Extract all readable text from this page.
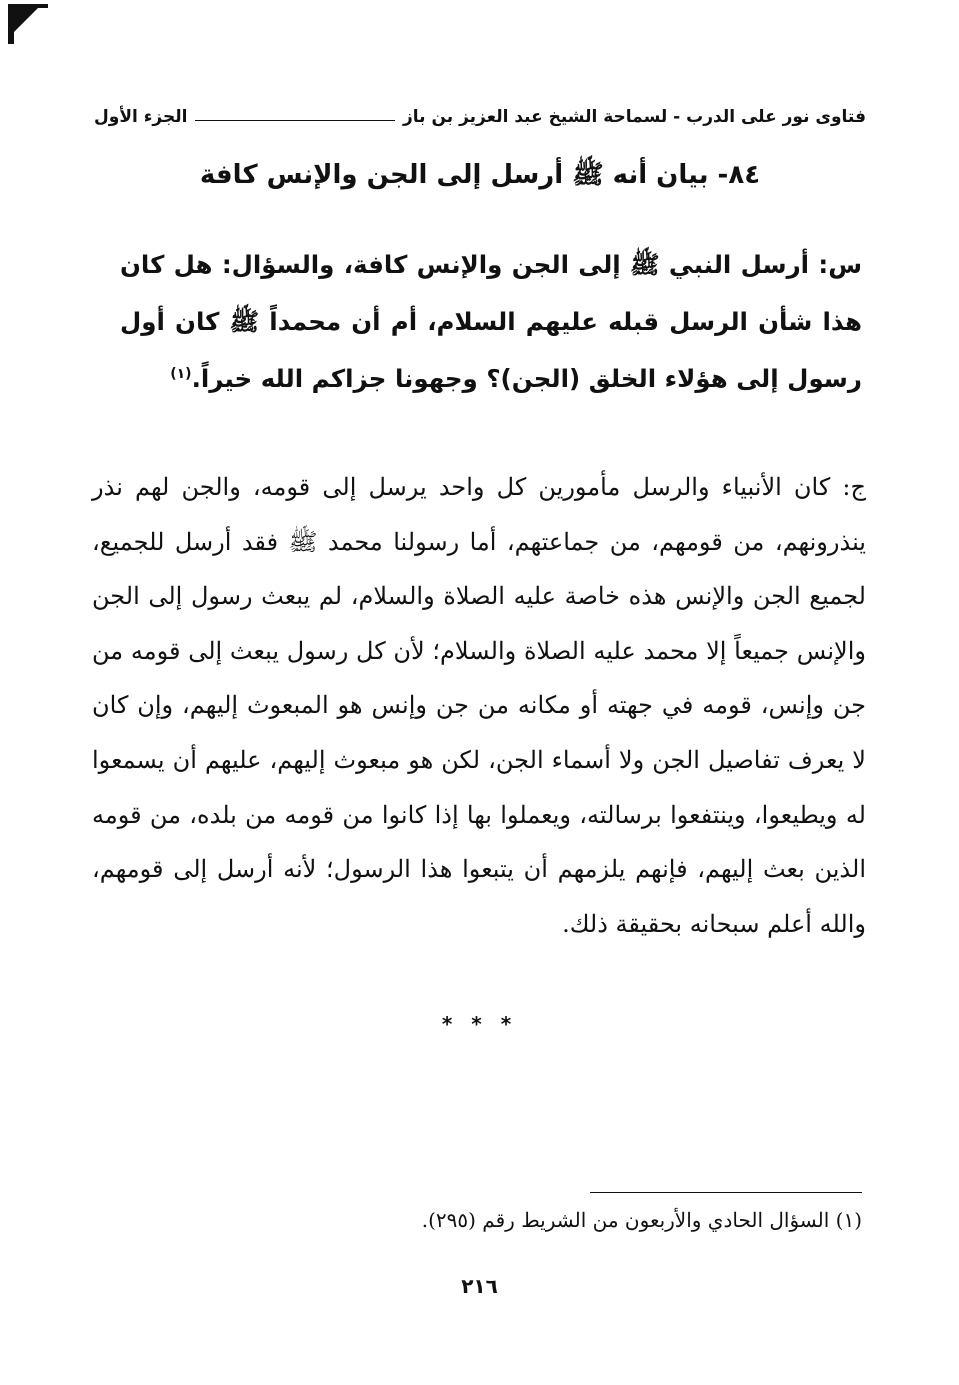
فتاوى نور على الدرب - لسماحة الشيخ عبد العزيز بن باز
الجزء الأول
٨٤- بيان أنه ﷺ أرسل إلى الجن والإنس كافة
س: أرسل النبي ﷺ إلى الجن والإنس كافة، والسؤال: هل كان هذا شأن الرسل قبله عليهم السلام، أم أن محمداً ﷺ كان أول رسول إلى هؤلاء الخلق (الجن)؟ وجهونا جزاكم الله خيراً.$^{(١)}$
ج: كان الأنبياء والرسل مأمورين كل واحد يرسل إلى قومه، والجن لهم نذر ينذرونهم، من قومهم، من جماعتهم، أما رسولنا محمد ﷺ فقد أرسل للجميع، لجميع الجن والإنس هذه خاصة عليه الصلاة والسلام، لم يبعث رسول إلى الجن والإنس جميعاً إلا محمد عليه الصلاة والسلام؛ لأن كل رسول يبعث إلى قومه من جن وإنس، قومه في جهته أو مكانه من جن وإنس هو المبعوث إليهم، وإن كان لا يعرف تفاصيل الجن ولا أسماء الجن، لكن هو مبعوث إليهم، عليهم أن يسمعوا له ويطيعوا، وينتفعوا برسالته، ويعملوا بها إذا كانوا من قومه من بلده، من قومه الذين بعث إليهم، فإنهم يلزمهم أن يتبعوا هذا الرسول؛ لأنه أرسل إلى قومهم، والله أعلم سبحانه بحقيقة ذلك.
* * *
(١) السؤال الحادي والأربعون من الشريط رقم (٢٩٥).
٢١٦
